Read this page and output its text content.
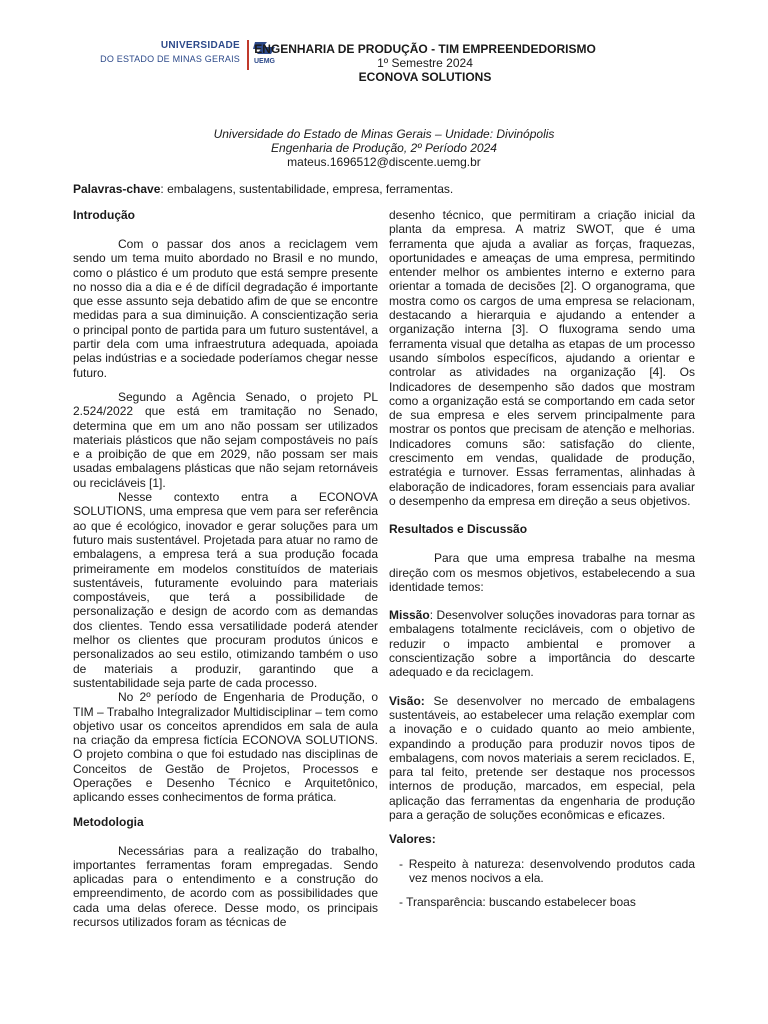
UNIVERSIDADE
DO ESTADO DE MINAS GERAIS UEMG
ENGENHARIA DE PRODUÇÃO - TIM EMPREENDEDORISMO
1º Semestre 2024
ECONOVA SOLUTIONS
Universidade do Estado de Minas Gerais – Unidade: Divinópolis
Engenharia de Produção, 2º Período 2024
mateus.1696512@discente.uemg.br
Palavras-chave: embalagens, sustentabilidade, empresa, ferramentas.
Introdução

Com o passar dos anos a reciclagem vem sendo um tema muito abordado no Brasil e no mundo, como o plástico é um produto que está sempre presente no nosso dia a dia e é de difícil degradação é importante que esse assunto seja debatido afim de que se encontre medidas para a sua diminuição. A conscientização seria o principal ponto de partida para um futuro sustentável, a partir dela com uma infraestrutura adequada, apoiada pelas indústrias e a sociedade poderíamos chegar nesse futuro.

Segundo a Agência Senado, o projeto PL 2.524/2022 que está em tramitação no Senado, determina que em um ano não possam ser utilizados materiais plásticos que não sejam compostáveis no país e a proibição de que em 2029, não possam ser mais usadas embalagens plásticas que não sejam retornáveis ou recicláveis [1].

Nesse contexto entra a ECONOVA SOLUTIONS, uma empresa que vem para ser referência ao que é ecológico, inovador e gerar soluções para um futuro mais sustentável. Projetada para atuar no ramo de embalagens, a empresa terá a sua produção focada primeiramente em modelos constituídos de materiais sustentáveis, futuramente evoluindo para materiais compostáveis, que terá a possibilidade de personalização e design de acordo com as demandas dos clientes. Tendo essa versatilidade poderá atender melhor os clientes que procuram produtos únicos e personalizados ao seu estilo, otimizando também o uso de materiais a produzir, garantindo que a sustentabilidade seja parte de cada processo.

No 2º período de Engenharia de Produção, o TIM – Trabalho Integralizador Multidisciplinar – tem como objetivo usar os conceitos aprendidos em sala de aula na criação da empresa fictícia ECONOVA SOLUTIONS. O projeto combina o que foi estudado nas disciplinas de Conceitos de Gestão de Projetos, Processos e Operações e Desenho Técnico e Arquitetônico, aplicando esses conhecimentos de forma prática.

Metodologia

Necessárias para a realização do trabalho, importantes ferramentas foram empregadas. Sendo aplicadas para o entendimento e a construção do empreendimento, de acordo com as possibilidades que cada uma delas oferece. Desse modo, os principais recursos utilizados foram as técnicas de

desenho técnico, que permitiram a criação inicial da planta da empresa. A matriz SWOT, que é uma ferramenta que ajuda a avaliar as forças, fraquezas, oportunidades e ameaças de uma empresa, permitindo entender melhor os ambientes interno e externo para orientar a tomada de decisões [2]. O organograma, que mostra como os cargos de uma empresa se relacionam, destacando a hierarquia e ajudando a entender a organização interna [3]. O fluxograma sendo uma ferramenta visual que detalha as etapas de um processo usando símbolos específicos, ajudando a orientar e controlar as atividades na organização [4]. Os Indicadores de desempenho são dados que mostram como a organização está se comportando em cada setor de sua empresa e eles servem principalmente para mostrar os pontos que precisam de atenção e melhorias. Indicadores comuns são: satisfação do cliente, crescimento em vendas, qualidade de produção, estratégia e turnover. Essas ferramentas, alinhadas à elaboração de indicadores, foram essenciais para avaliar o desempenho da empresa em direção a seus objetivos.

Resultados e Discussão

Para que uma empresa trabalhe na mesma direção com os mesmos objetivos, estabelecendo a sua identidade temos:

Missão: Desenvolver soluções inovadoras para tornar as embalagens totalmente recicláveis, com o objetivo de reduzir o impacto ambiental e promover a conscientização sobre a importância do descarte adequado e da reciclagem.

Visão: Se desenvolver no mercado de embalagens sustentáveis, ao estabelecer uma relação exemplar com a inovação e o cuidado quanto ao meio ambiente, expandindo a produção para produzir novos tipos de embalagens, com novos materiais a serem reciclados. E, para tal feito, pretende ser destaque nos processos internos de produção, marcados, em especial, pela aplicação das ferramentas da engenharia de produção para a geração de soluções econômicas e eficazes.

Valores:

- Respeito à natureza: desenvolvendo produtos cada vez menos nocivos a ela.

- Transparência: buscando estabelecer boas
